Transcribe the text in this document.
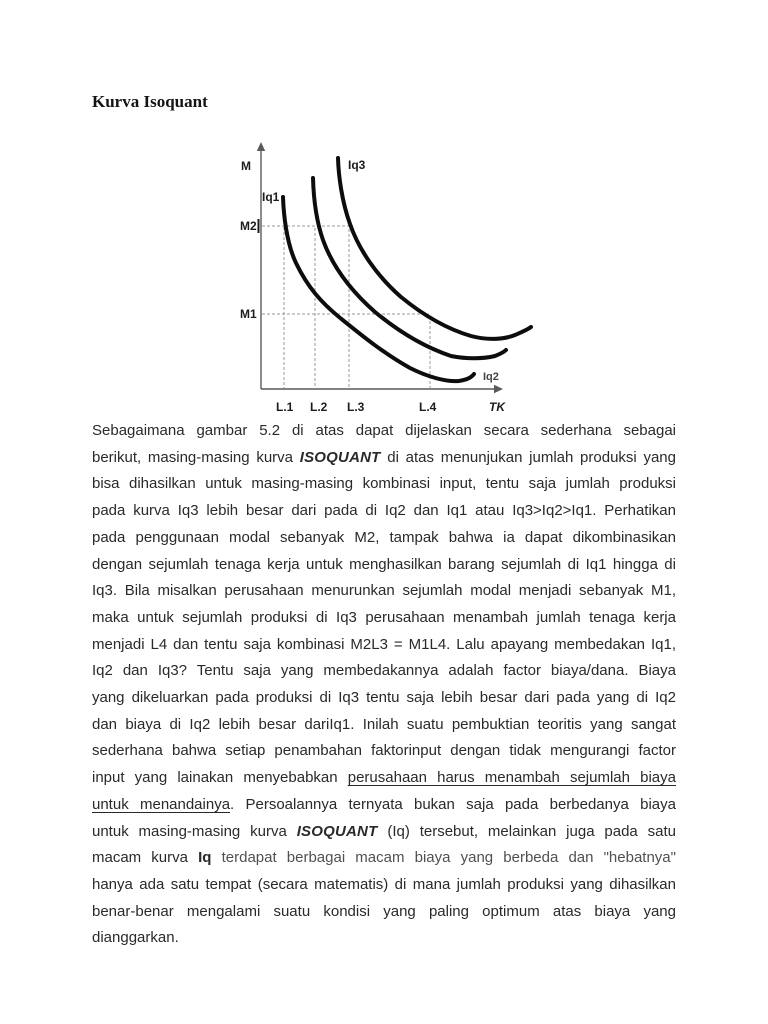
Kurva Isoquant
M
TK
M2
M1
L.1 L.2 L.3	L.4
Iq1
Iq3
Iq2
Sebagaimana gambar 5.2 di atas dapat dijelaskan secara sederhana sebagai
berikut, masing-masing kurva ISOQUANT di atas menunjukan jumlah produksi yang
bisa dihasilkan untuk masing-masing kombinasi input, tentu saja jumlah produksi
pada kurva Iq3 lebih besar dari pada di Iq2 dan Iq1 atau Iq3>Iq2>Iq1. Perhatikan
pada penggunaan modal sebanyak M2, tampak bahwa ia dapat dikombinasikan
dengan sejumlah tenaga kerja untuk menghasilkan barang sejumlah di Iq1 hingga di
Iq3. Bila misalkan perusahaan menurunkan sejumlah modal menjadi sebanyak M1,
maka untuk sejumlah produksi di Iq3 perusahaan menambah jumlah tenaga kerja
menjadi L4 dan tentu saja kombinasi M2L3 = M1L4. Lalu apayang membedakan Iq1,
Iq2 dan Iq3? Tentu saja yang membedakannya adalah factor biaya/dana. Biaya
yang dikeluarkan pada produksi di Iq3 tentu saja lebih besar dari pada yang di Iq2
dan biaya di Iq2 lebih besar dariIq1. Inilah suatu pembuktian teoritis yang sangat
sederhana bahwa setiap penambahan faktorinput dengan tidak mengurangi factor
input yang lainakan menyebabkan perusahaan harus menambah sejumlah biaya
untuk menandainya. Persoalannya ternyata bukan saja pada berbedanya biaya
untuk masing-masing kurva ISOQUANT (Iq) tersebut, melainkan juga pada satu
macam kurva Iq terdapat berbagai macam biaya yang berbeda dan "hebatnya"
hanya ada satu tempat (secara matematis) di mana jumlah produksi yang dihasilkan
benar-benar mengalami suatu kondisi yang paling optimum atas biaya yang
dianggarkan.
